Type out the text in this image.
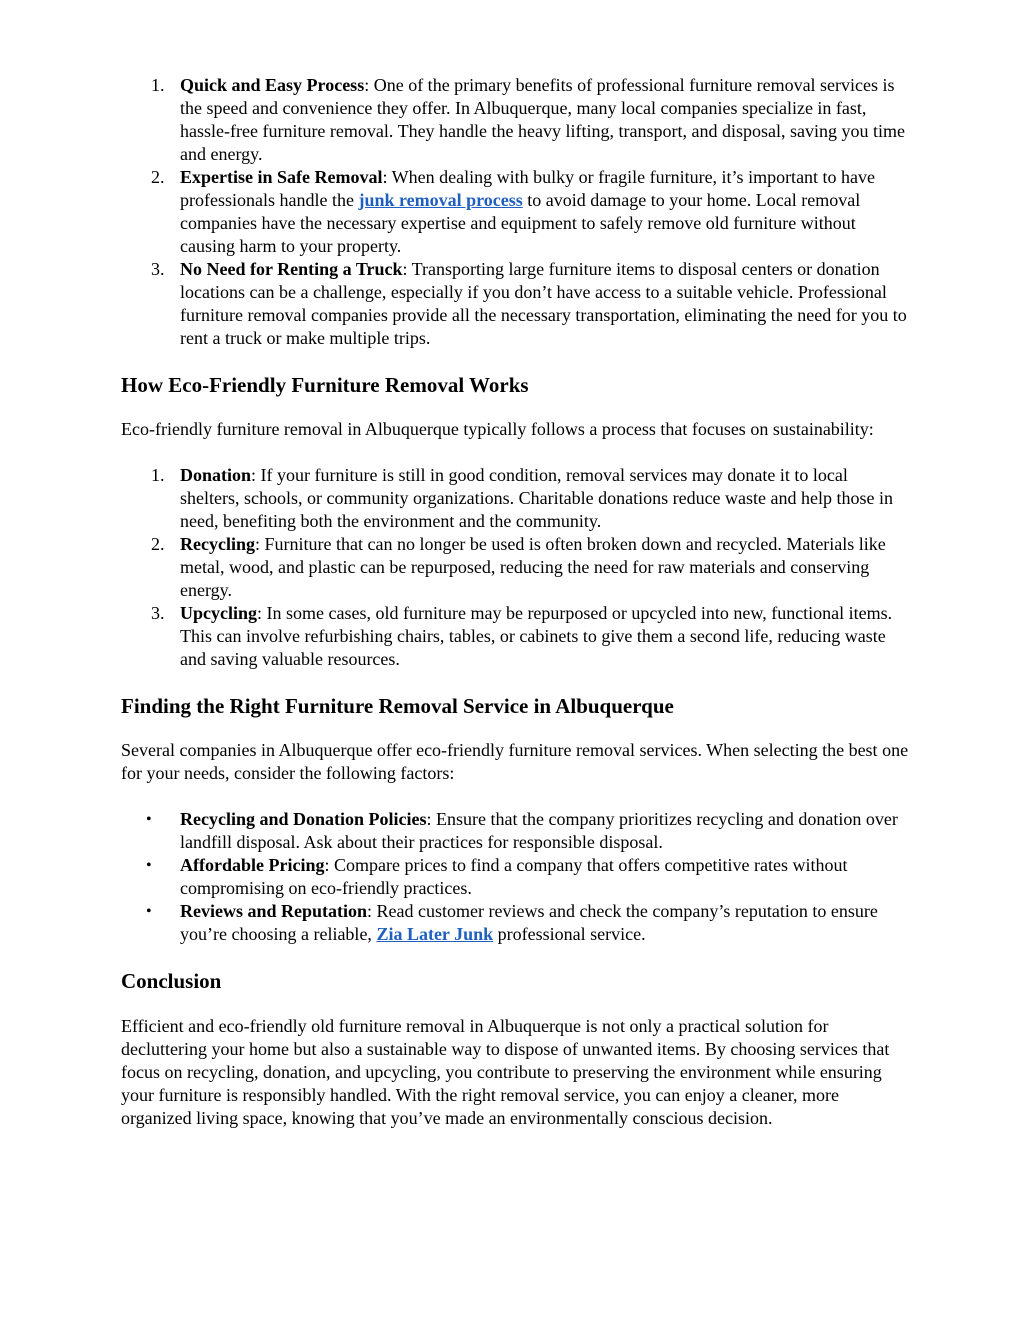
1. Quick and Easy Process: One of the primary benefits of professional furniture removal services is the speed and convenience they offer. In Albuquerque, many local companies specialize in fast, hassle-free furniture removal. They handle the heavy lifting, transport, and disposal, saving you time and energy.
2. Expertise in Safe Removal: When dealing with bulky or fragile furniture, it’s important to have professionals handle the junk removal process to avoid damage to your home. Local removal companies have the necessary expertise and equipment to safely remove old furniture without causing harm to your property.
3. No Need for Renting a Truck: Transporting large furniture items to disposal centers or donation locations can be a challenge, especially if you don’t have access to a suitable vehicle. Professional furniture removal companies provide all the necessary transportation, eliminating the need for you to rent a truck or make multiple trips.
How Eco-Friendly Furniture Removal Works

Eco-friendly furniture removal in Albuquerque typically follows a process that focuses on sustainability:

1. Donation: If your furniture is still in good condition, removal services may donate it to local shelters, schools, or community organizations. Charitable donations reduce waste and help those in need, benefiting both the environment and the community.
2. Recycling: Furniture that can no longer be used is often broken down and recycled. Materials like metal, wood, and plastic can be repurposed, reducing the need for raw materials and conserving energy.
3. Upcycling: In some cases, old furniture may be repurposed or upcycled into new, functional items. This can involve refurbishing chairs, tables, or cabinets to give them a second life, reducing waste and saving valuable resources.
Finding the Right Furniture Removal Service in Albuquerque

Several companies in Albuquerque offer eco-friendly furniture removal services. When selecting the best one for your needs, consider the following factors:

• Recycling and Donation Policies: Ensure that the company prioritizes recycling and donation over landfill disposal. Ask about their practices for responsible disposal.
• Affordable Pricing: Compare prices to find a company that offers competitive rates without compromising on eco-friendly practices.
• Reviews and Reputation: Read customer reviews and check the company’s reputation to ensure you’re choosing a reliable, Zia Later Junk professional service.
Conclusion

Efficient and eco-friendly old furniture removal in Albuquerque is not only a practical solution for decluttering your home but also a sustainable way to dispose of unwanted items. By choosing services that focus on recycling, donation, and upcycling, you contribute to preserving the environment while ensuring your furniture is responsibly handled. With the right removal service, you can enjoy a cleaner, more organized living space, knowing that you’ve made an environmentally conscious decision.
